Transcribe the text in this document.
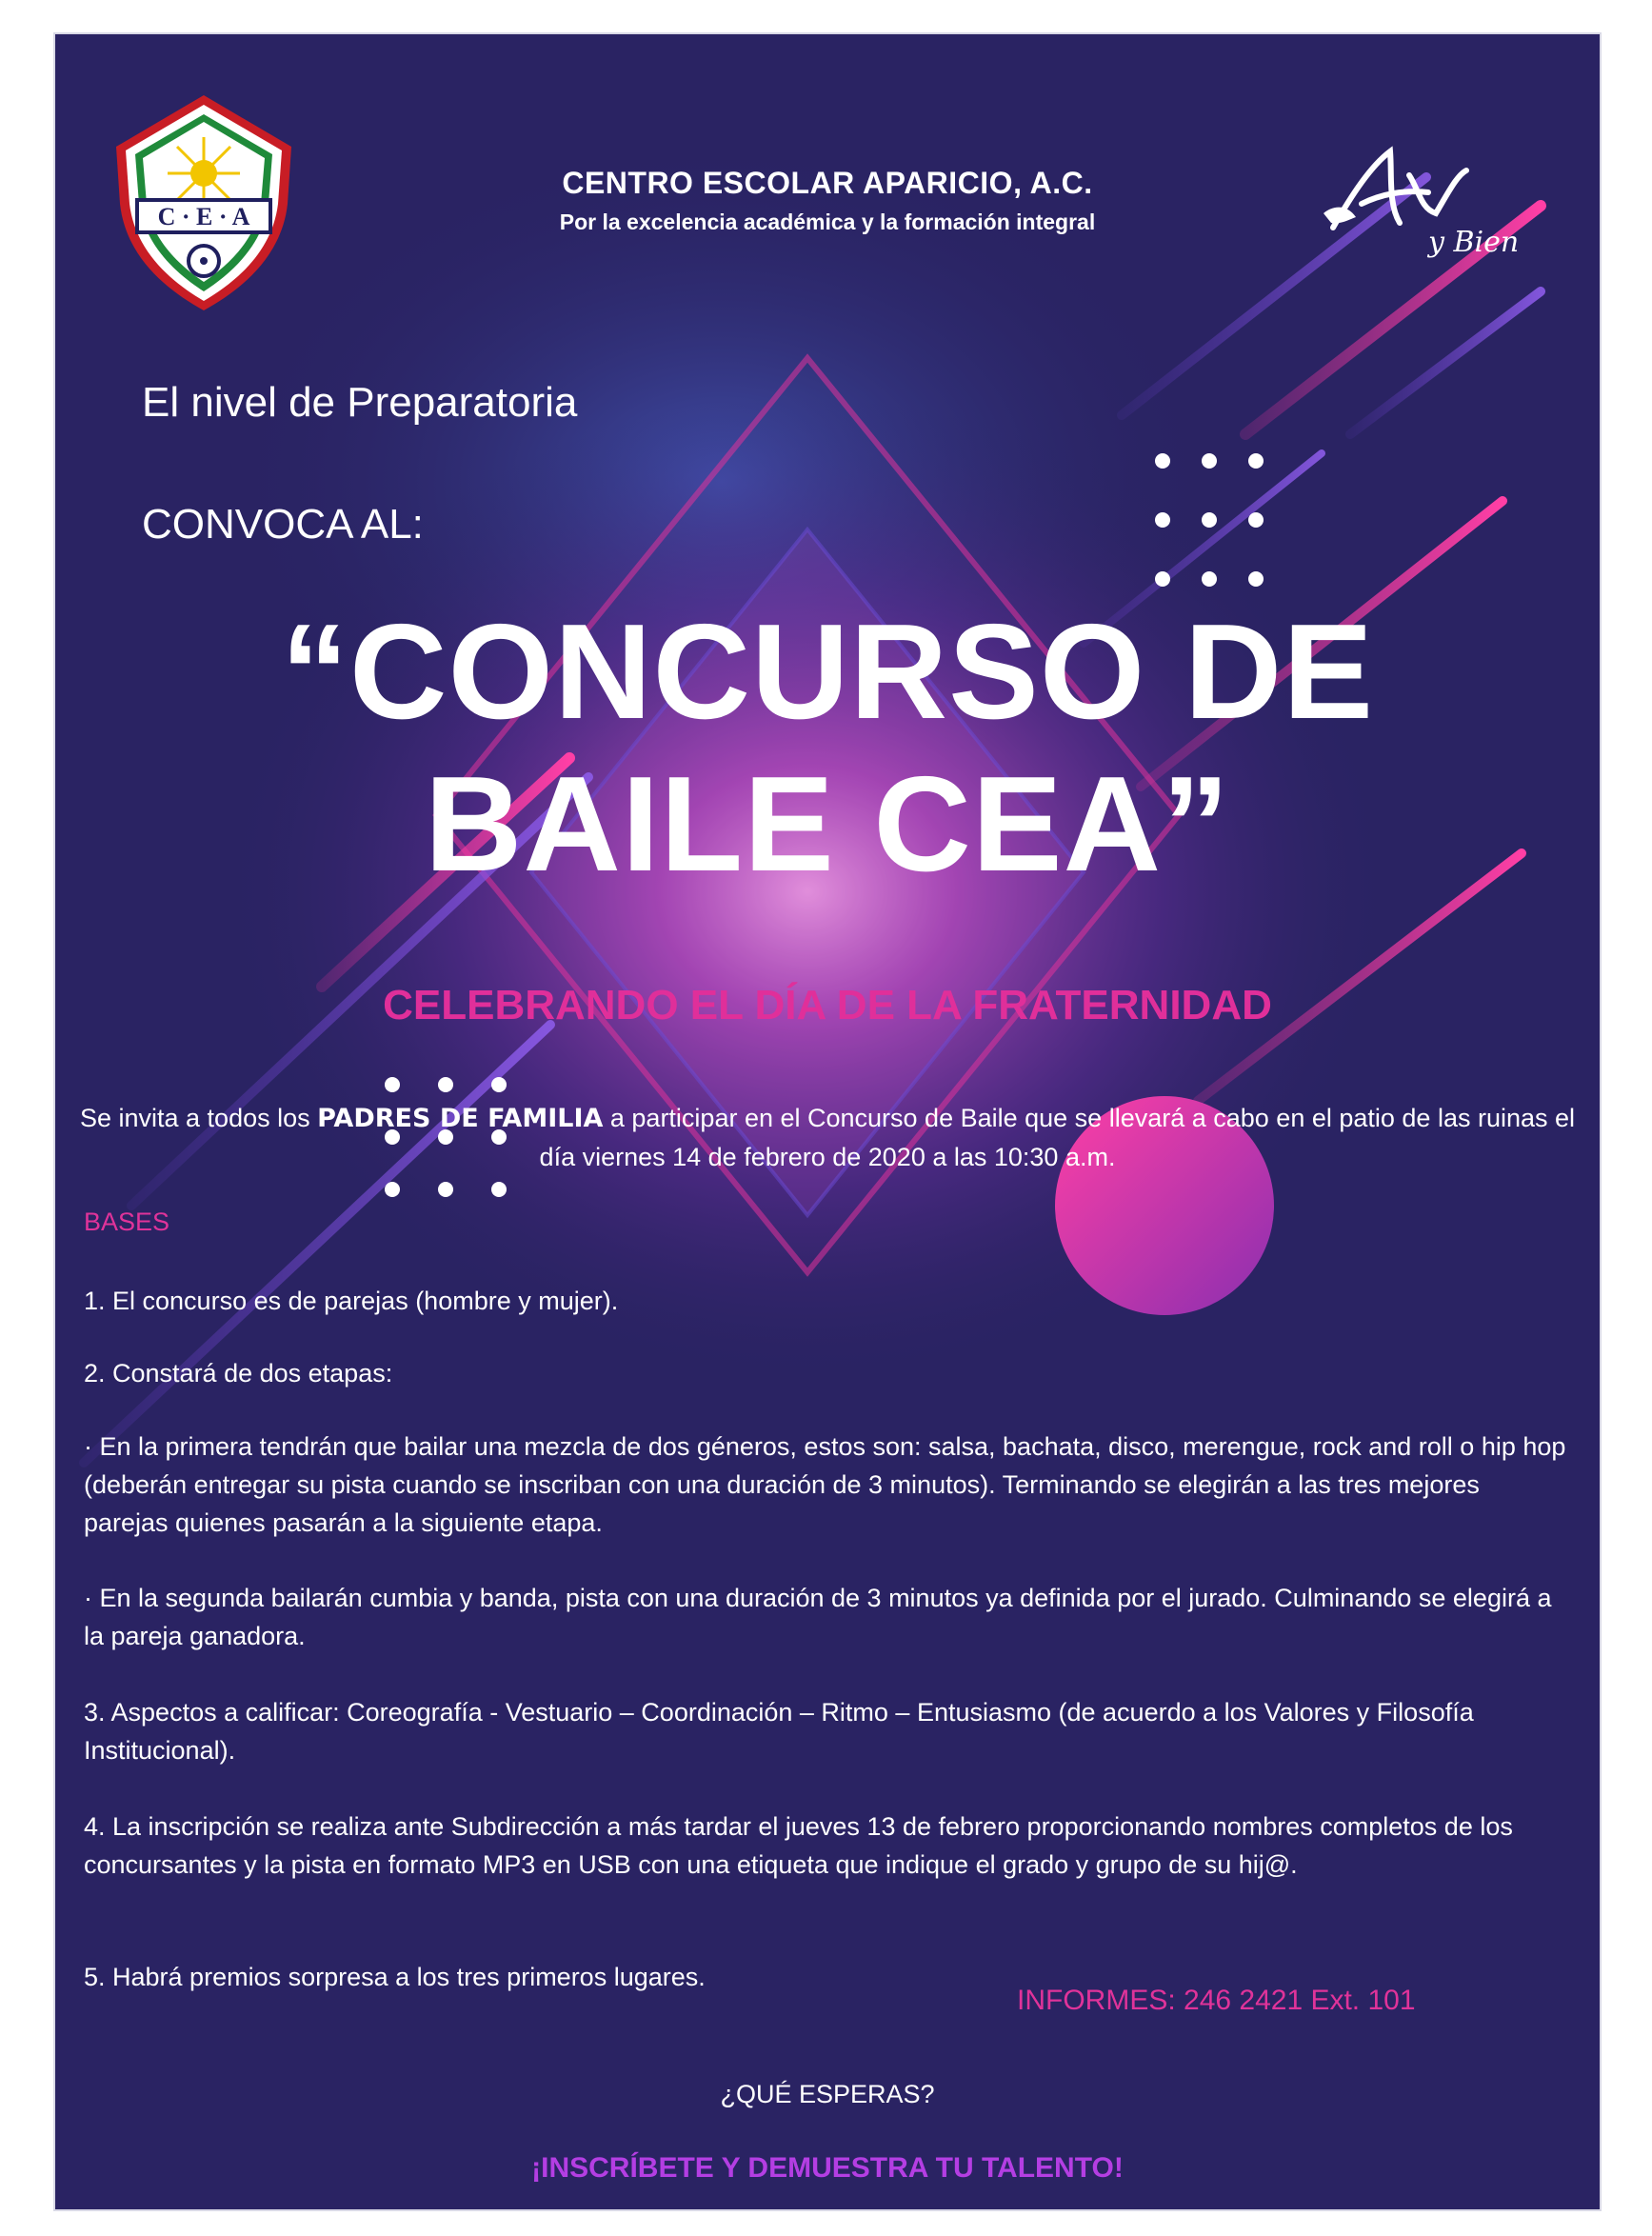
C · E · A
y Bien
CENTRO ESCOLAR APARICIO, A.C.
Por la excelencia académica y la formación integral
El nivel de Preparatoria
CONVOCA AL:
“CONCURSO DE
BAILE CEA”
CELEBRANDO EL DÍA DE LA FRATERNIDAD
Se invita a todos los PADRES DE FAMILIA a participar en el Concurso de Baile que se llevará a cabo en el patio de las ruinas el día viernes 14 de febrero de 2020 a las 10:30 a.m.
BASES
1. El concurso es de parejas (hombre y mujer).
2. Constará de dos etapas:
· En la primera tendrán que bailar una mezcla de dos géneros, estos son: salsa, bachata, disco, merengue, rock and roll o hip hop (deberán entregar su pista cuando se inscriban con una duración de 3 minutos). Terminando se elegirán a las tres mejores parejas quienes pasarán a la siguiente etapa.
· En la segunda bailarán cumbia y banda, pista con una duración de 3 minutos ya definida por el jurado. Culminando se elegirá a la pareja ganadora.
3. Aspectos a calificar: Coreografía - Vestuario – Coordinación – Ritmo – Entusiasmo (de acuerdo a los Valores y Filosofía Institucional).
4. La inscripción se realiza ante Subdirección a más tardar el jueves 13 de febrero proporcionando nombres completos de los concursantes y la pista en formato MP3 en USB con una etiqueta que indique el grado y grupo de su hij@.
5. Habrá premios sorpresa a los tres primeros lugares.
INFORMES: 246 2421 Ext. 101
¿QUÉ ESPERAS?
¡INSCRÍBETE Y DEMUESTRA TU TALENTO!
